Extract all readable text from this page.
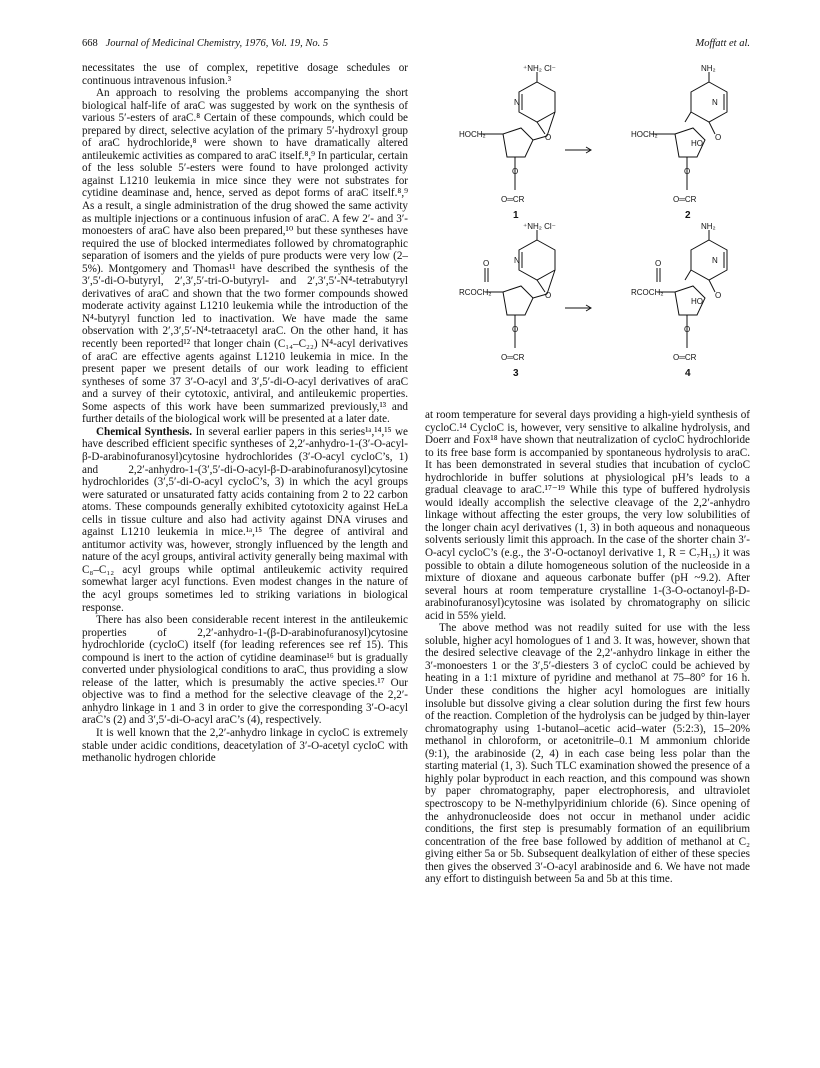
668 Journal of Medicinal Chemistry, 1976, Vol. 19, No. 5	Moffatt et al.

necessitates the use of complex, repetitive dosage schedules or continuous intravenous infusion.³

An approach to resolving the problems accompanying the short biological half-life of araC was suggested by work on the synthesis of various 5′-esters of araC.⁸ Certain of these compounds, which could be prepared by direct, selective acylation of the primary 5′-hydroxyl group of araC hydrochloride,⁸ were shown to have dramatically altered antileukemic activities as compared to araC itself.⁸,⁹ In particular, certain of the less soluble 5′-esters were found to have prolonged activity against L1210 leukemia in mice since they were not substrates for cytidine deaminase and, hence, served as depot forms of araC itself.⁸,⁹ As a result, a single administration of the drug showed the same activity as multiple injections or a continuous infusion of araC. A few 2′- and 3′-monoesters of araC have also been prepared,¹⁰ but these syntheses have required the use of blocked intermediates followed by chromatographic separation of isomers and the yields of pure products were very low (2–5%). Montgomery and Thomas¹¹ have described the synthesis of the 3′,5′-di-O-butyryl, 2′,3′,5′-tri-O-butyryl- and 2′,3′,5′-N⁴-tetrabutyryl derivatives of araC and shown that the two former compounds showed moderate activity against L1210 leukemia while the introduction of the N⁴-butyryl function led to inactivation. We have made the same observation with 2′,3′,5′-N⁴-tetraacetyl araC. On the other hand, it has recently been reported¹² that longer chain (C₁₄–C₂₂) N⁴-acyl derivatives of araC are effective agents against L1210 leukemia in mice. In the present paper we present details of our work leading to efficient syntheses of some 37 3′-O-acyl and 3′,5′-di-O-acyl derivatives of araC and a survey of their cytotoxic, antiviral, and antileukemic properties. Some aspects of this work have been summarized previously,¹³ and further details of the biological work will be presented at a later date.

Chemical Synthesis. In several earlier papers in this series¹ᵃ,¹⁴,¹⁵ we have described efficient specific syntheses of 2,2′-anhydro-1-(3′-O-acyl-β-D-arabinofuranosyl)cytosine hydrochlorides (3′-O-acyl cycloC’s, 1) and 2,2′-anhydro-1-(3′,5′-di-O-acyl-β-D-arabinofuranosyl)cytosine hydrochlorides (3′,5′-di-O-acyl cycloC’s, 3) in which the acyl groups were saturated or unsaturated fatty acids containing from 2 to 22 carbon atoms. These compounds generally exhibited cytotoxicity against HeLa cells in tissue culture and also had activity against DNA viruses and against L1210 leukemia in mice.¹ᵃ,¹⁵ The degree of antiviral and antitumor activity was, however, strongly influenced by the length and nature of the acyl groups, antiviral activity generally being maximal with C₈–C₁₂ acyl groups while optimal antileukemic activity required somewhat larger acyl functions. Even modest changes in the nature of the acyl groups sometimes led to striking variations in biological response.

There has also been considerable recent interest in the antileukemic properties of 2,2′-anhydro-1-(β-D-arabinofuranosyl)cytosine hydrochloride (cycloC) itself (for leading references see ref 15). This compound is inert to the action of cytidine deaminase¹⁶ but is gradually converted under physiological conditions to araC, thus providing a slow release of the latter, which is presumably the active species.¹⁷ Our objective was to find a method for the selective cleavage of the 2,2′-anhydro linkage in 1 and 3 in order to give the corresponding 3′-O-acyl araC’s (2) and 3′,5′-di-O-acyl araC’s (4), respectively.

It is well known that the 2,2′-anhydro linkage in cycloC is extremely stable under acidic conditions, deacetylation of 3′-O-acetyl cycloC with methanolic hydrogen chloride

⁺NH₂ Cl⁻
N
HOCH₂	O
O
O═CR
1
NH₂
N
HOCH₂	O
HO
O
O═CR
2
⁺NH₂ Cl⁻
N
O
RCOCH₂	O
O
O═CR
3
NH₂
N
O
RCOCH₂	O
HO
O
O═CR
4

at room temperature for several days providing a high-yield synthesis of cycloC.¹⁴ CycloC is, however, very sensitive to alkaline hydrolysis, and Doerr and Fox¹⁸ have shown that neutralization of cycloC hydrochloride to its free base form is accompanied by spontaneous hydrolysis to araC. It has been demonstrated in several studies that incubation of cycloC hydrochloride in buffer solutions at physiological pH’s leads to a gradual cleavage to araC.¹⁷⁻¹⁹ While this type of buffered hydrolysis would ideally accomplish the selective cleavage of the 2,2′-anhydro linkage without affecting the ester groups, the very low solubilities of the longer chain acyl derivatives (1, 3) in both aqueous and nonaqueous solvents seriously limit this approach. In the case of the shorter chain 3′-O-acyl cycloC’s (e.g., the 3′-O-octanoyl derivative 1, R = C₇H₁₅) it was possible to obtain a dilute homogeneous solution of the nucleoside in a mixture of dioxane and aqueous carbonate buffer (pH ~9.2). After several hours at room temperature crystalline 1-(3-O-octanoyl-β-D-arabinofuranosyl)cytosine was isolated by chromatography on silicic acid in 55% yield.

The above method was not readily suited for use with the less soluble, higher acyl homologues of 1 and 3. It was, however, shown that the desired selective cleavage of the 2,2′-anhydro linkage in either the 3′-monoesters 1 or the 3′,5′-diesters 3 of cycloC could be achieved by heating in a 1:1 mixture of pyridine and methanol at 75–80° for 16 h. Under these conditions the higher acyl homologues are initially insoluble but dissolve giving a clear solution during the first few hours of the reaction. Completion of the hydrolysis can be judged by thin-layer chromatography using 1-butanol–acetic acid–water (5:2:3), 15–20% methanol in chloroform, or acetonitrile–0.1 M ammonium chloride (9:1), the arabinoside (2, 4) in each case being less polar than the starting material (1, 3). Such TLC examination showed the presence of a highly polar byproduct in each reaction, and this compound was shown by paper chromatography, paper electrophoresis, and ultraviolet spectroscopy to be N-methylpyridinium chloride (6). Since opening of the anhydronucleoside does not occur in methanol under acidic conditions, the first step is presumably formation of an equilibrium concentration of the free base followed by addition of methanol at C₂ giving either 5a or 5b. Subsequent dealkylation of either of these species then gives the observed 3′-O-acyl arabinoside and 6. We have not made any effort to distinguish between 5a and 5b at this time.
